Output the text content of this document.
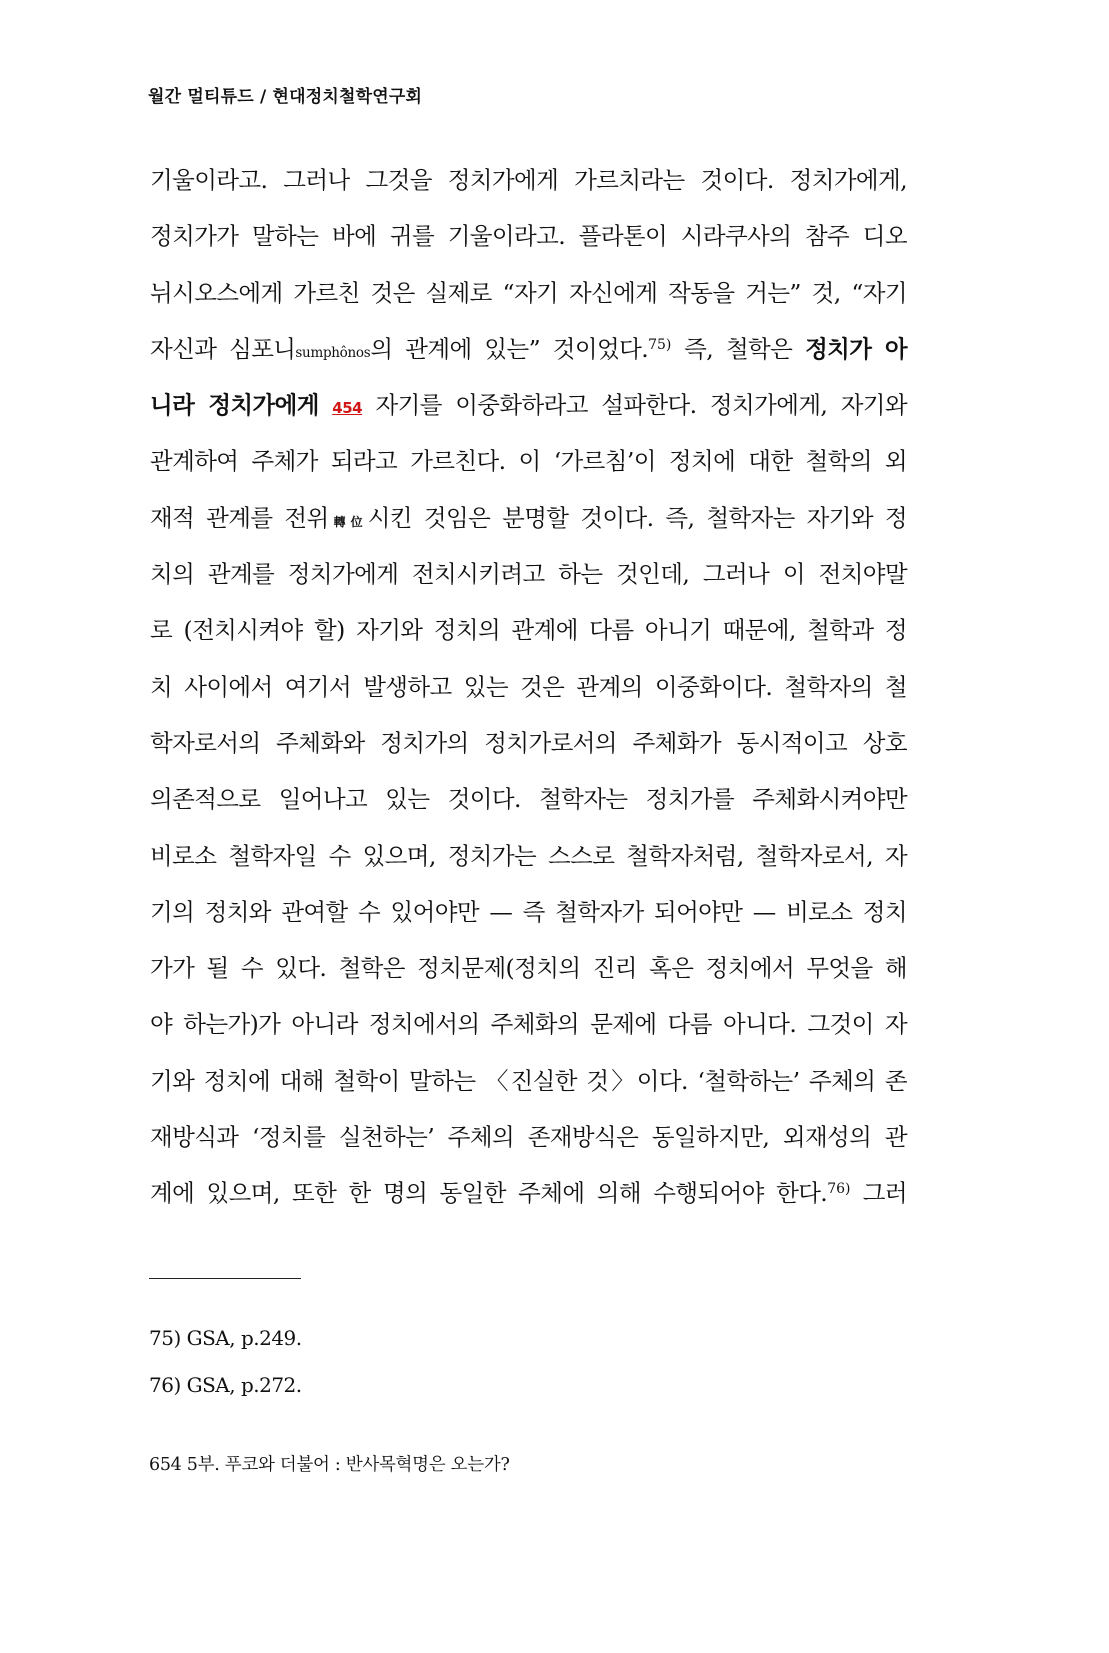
월간 멀티튜드 / 현대정치철학연구회
기울이라고. 그러나 그것을 정치가에게 가르치라는 것이다. 정치가에게,
정치가가 말하는 바에 귀를 기울이라고. 플라톤이 시라쿠사의 참주 디오
뉘시오스에게 가르친 것은 실제로 “자기 자신에게 작동을 거는” 것, “자기
자신과 심포니sumphônos의 관계에 있는” 것이었다.$^{75)}$ 즉, 철학은 정치가 아
니라 정치가에게 454 자기를 이중화하라고 설파한다. 정치가에게, 자기와
관계하여 주체가 되라고 가르친다. 이 ‘가르침’이 정치에 대한 철학의 외
재적 관계를 전위轉位시킨 것임은 분명할 것이다. 즉, 철학자는 자기와 정
치의 관계를 정치가에게 전치시키려고 하는 것인데, 그러나 이 전치야말
로 (전치시켜야 할) 자기와 정치의 관계에 다름 아니기 때문에, 철학과 정
치 사이에서 여기서 발생하고 있는 것은 관계의 이중화이다. 철학자의 철
학자로서의 주체화와 정치가의 정치가로서의 주체화가 동시적이고 상호
의존적으로 일어나고 있는 것이다. 철학자는 정치가를 주체화시켜야만
비로소 철학자일 수 있으며, 정치가는 스스로 철학자처럼, 철학자로서, 자
기의 정치와 관여할 수 있어야만 — 즉 철학자가 되어야만 — 비로소 정치
가가 될 수 있다. 철학은 정치문제(정치의 진리 혹은 정치에서 무엇을 해
야 하는가)가 아니라 정치에서의 주체화의 문제에 다름 아니다. 그것이 자
기와 정치에 대해 철학이 말하는 〈진실한 것〉이다. ‘철학하는’ 주체의 존
재방식과 ‘정치를 실천하는’ 주체의 존재방식은 동일하지만, 외재성의 관
계에 있으며, 또한 한 명의 동일한 주체에 의해 수행되어야 한다.$^{76)}$ 그러
75) GSA, p.249.
76) GSA, p.272.
654 5부. 푸코와 더불어 : 반사목혁명은 오는가?
